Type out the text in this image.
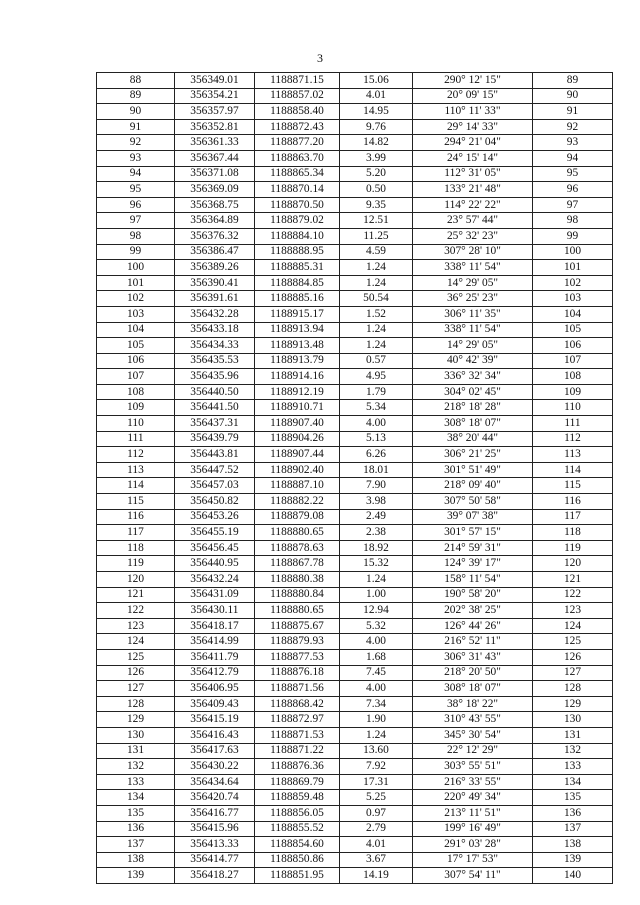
3
88	356349.01	1188871.15	15.06	290° 12' 15"	89
89	356354.21	1188857.02	4.01	20° 09' 15"	90
90	356357.97	1188858.40	14.95	110° 11' 33"	91
91	356352.81	1188872.43	9.76	29° 14' 33"	92
92	356361.33	1188877.20	14.82	294° 21' 04"	93
93	356367.44	1188863.70	3.99	24° 15' 14"	94
94	356371.08	1188865.34	5.20	112° 31' 05"	95
95	356369.09	1188870.14	0.50	133° 21' 48"	96
96	356368.75	1188870.50	9.35	114° 22' 22"	97
97	356364.89	1188879.02	12.51	23° 57' 44"	98
98	356376.32	1188884.10	11.25	25° 32' 23"	99
99	356386.47	1188888.95	4.59	307° 28' 10"	100
100	356389.26	1188885.31	1.24	338° 11' 54"	101
101	356390.41	1188884.85	1.24	14° 29' 05"	102
102	356391.61	1188885.16	50.54	36° 25' 23"	103
103	356432.28	1188915.17	1.52	306° 11' 35"	104
104	356433.18	1188913.94	1.24	338° 11' 54"	105
105	356434.33	1188913.48	1.24	14° 29' 05"	106
106	356435.53	1188913.79	0.57	40° 42' 39"	107
107	356435.96	1188914.16	4.95	336° 32' 34"	108
108	356440.50	1188912.19	1.79	304° 02' 45"	109
109	356441.50	1188910.71	5.34	218° 18' 28"	110
110	356437.31	1188907.40	4.00	308° 18' 07"	111
111	356439.79	1188904.26	5.13	38° 20' 44"	112
112	356443.81	1188907.44	6.26	306° 21' 25"	113
113	356447.52	1188902.40	18.01	301° 51' 49"	114
114	356457.03	1188887.10	7.90	218° 09' 40"	115
115	356450.82	1188882.22	3.98	307° 50' 58"	116
116	356453.26	1188879.08	2.49	39° 07' 38"	117
117	356455.19	1188880.65	2.38	301° 57' 15"	118
118	356456.45	1188878.63	18.92	214° 59' 31"	119
119	356440.95	1188867.78	15.32	124° 39' 17"	120
120	356432.24	1188880.38	1.24	158° 11' 54"	121
121	356431.09	1188880.84	1.00	190° 58' 20"	122
122	356430.11	1188880.65	12.94	202° 38' 25"	123
123	356418.17	1188875.67	5.32	126° 44' 26"	124
124	356414.99	1188879.93	4.00	216° 52' 11"	125
125	356411.79	1188877.53	1.68	306° 31' 43"	126
126	356412.79	1188876.18	7.45	218° 20' 50"	127
127	356406.95	1188871.56	4.00	308° 18' 07"	128
128	356409.43	1188868.42	7.34	38° 18' 22"	129
129	356415.19	1188872.97	1.90	310° 43' 55"	130
130	356416.43	1188871.53	1.24	345° 30' 54"	131
131	356417.63	1188871.22	13.60	22° 12' 29"	132
132	356430.22	1188876.36	7.92	303° 55' 51"	133
133	356434.64	1188869.79	17.31	216° 33' 55"	134
134	356420.74	1188859.48	5.25	220° 49' 34"	135
135	356416.77	1188856.05	0.97	213° 11' 51"	136
136	356415.96	1188855.52	2.79	199° 16' 49"	137
137	356413.33	1188854.60	4.01	291° 03' 28"	138
138	356414.77	1188850.86	3.67	17° 17' 53"	139
139	356418.27	1188851.95	14.19	307° 54' 11"	140
